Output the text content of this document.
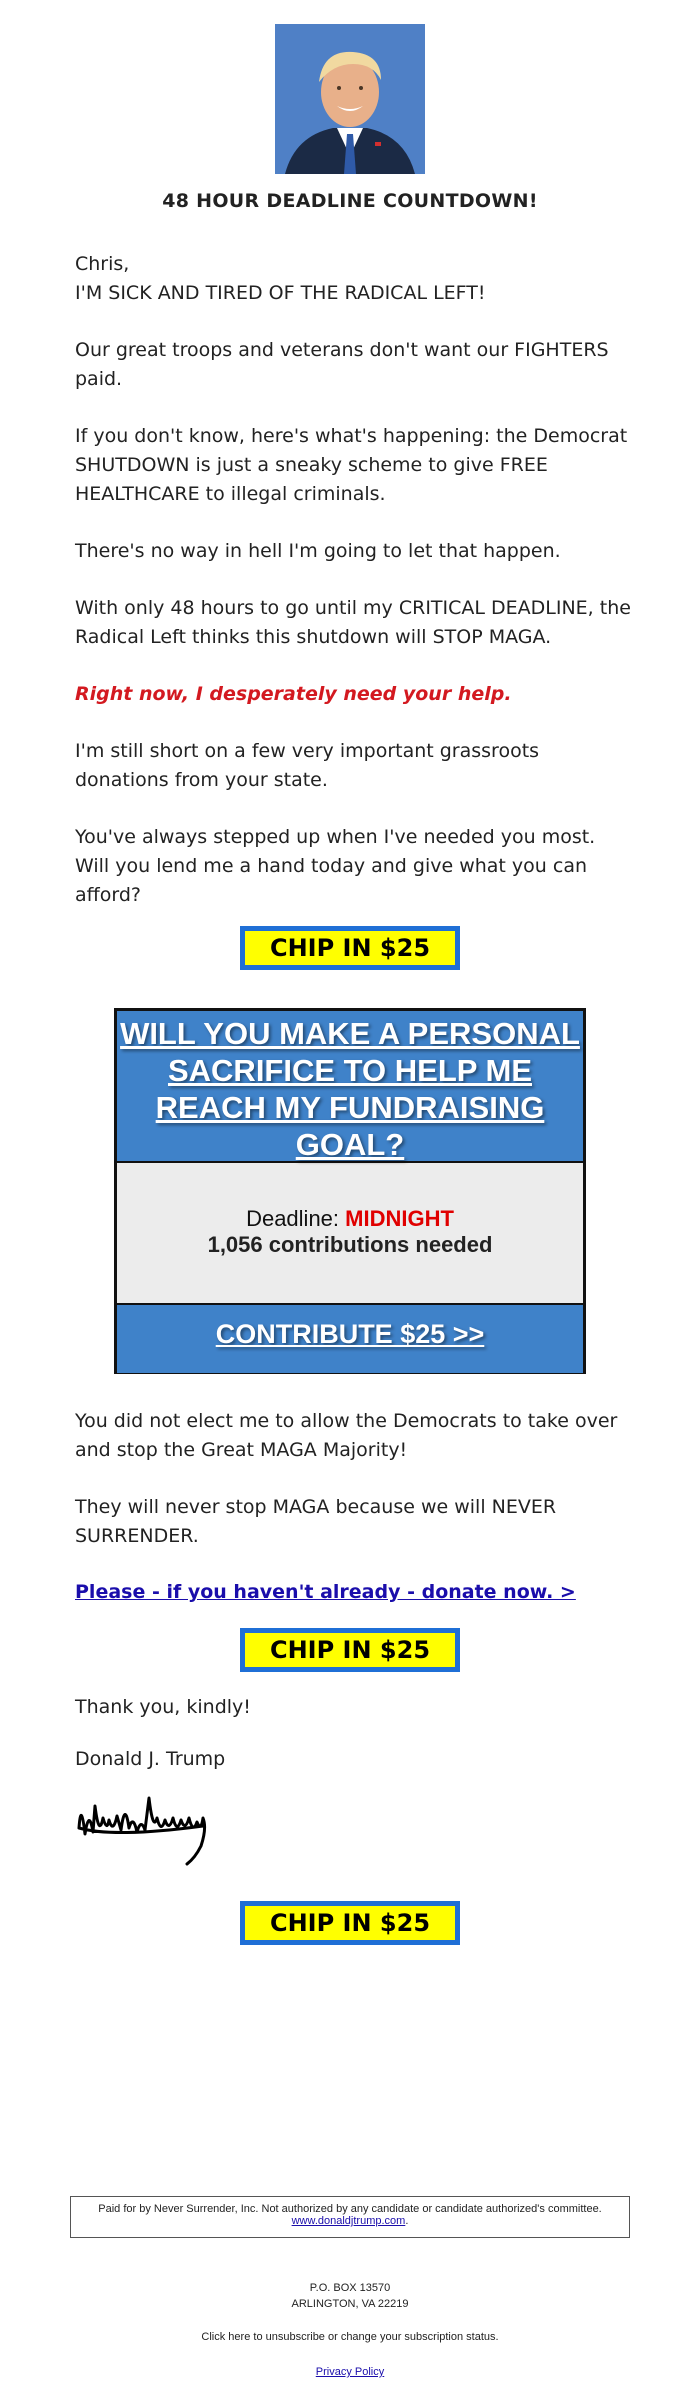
48 HOUR DEADLINE COUNTDOWN!
Chris,
I'M SICK AND TIRED OF THE RADICAL LEFT!
Our great troops and veterans don't want our FIGHTERS paid.
If you don't know, here's what's happening: the Democrat SHUTDOWN is just a sneaky scheme to give FREE HEALTHCARE to illegal criminals.
There's no way in hell I'm going to let that happen.
With only 48 hours to go until my CRITICAL DEADLINE, the Radical Left thinks this shutdown will STOP MAGA.
Right now, I desperately need your help.
I'm still short on a few very important grassroots donations from your state.
You've always stepped up when I've needed you most. Will you lend me a hand today and give what you can afford?
CHIP IN $25
WILL YOU MAKE A PERSONAL SACRIFICE TO HELP ME REACH MY FUNDRAISING GOAL?
Deadline: MIDNIGHT
1,056 contributions needed
CONTRIBUTE $25 >>
You did not elect me to allow the Democrats to take over and stop the Great MAGA Majority!
They will never stop MAGA because we will NEVER SURRENDER.
Please - if you haven't already - donate now. >
CHIP IN $25
Thank you, kindly!
Donald J. Trump
CHIP IN $25
Paid for by Never Surrender, Inc. Not authorized by any candidate or candidate authorized's committee.
www.donaldjtrump.com.
P.O. BOX 13570
ARLINGTON, VA 22219
Click here to unsubscribe or change your subscription status.
Privacy Policy
